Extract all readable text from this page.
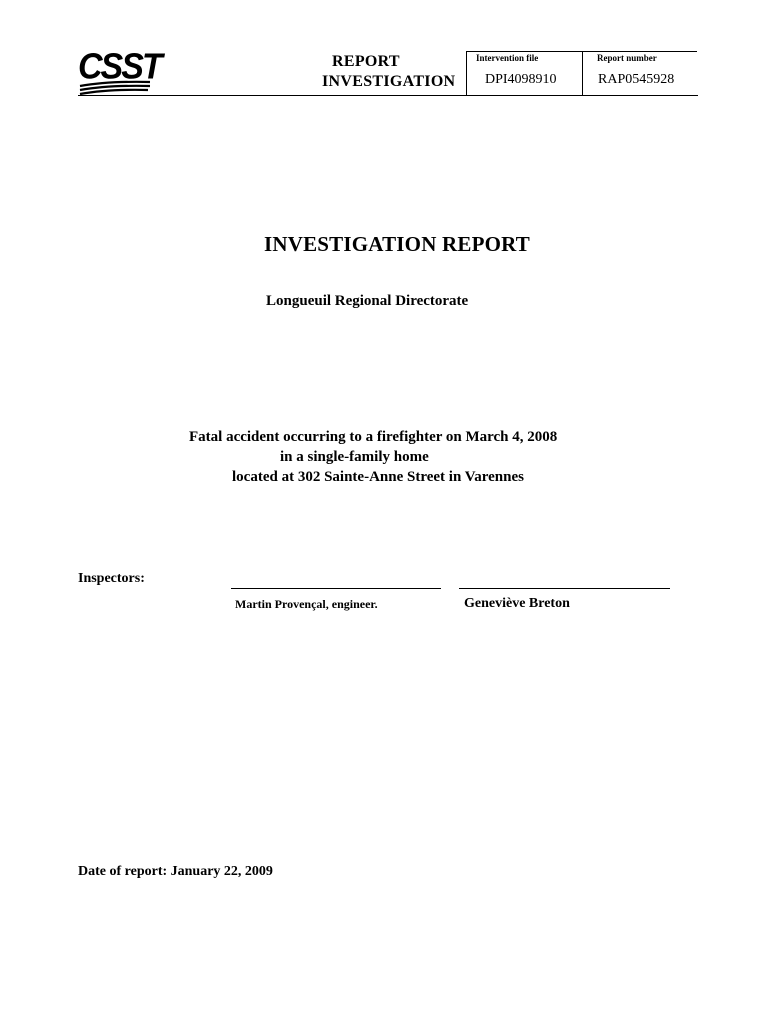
CSST	REPORT
INVESTIGATION
Intervention file	Report number
DPI4098910	RAP0545928
INVESTIGATION REPORT
Longueuil Regional Directorate
Fatal accident occurring to a firefighter on March 4, 2008
in a single-family home
located at 302 Sainte-Anne Street in Varennes
Inspectors:
Martin Provençal, engineer.	Geneviève Breton
Date of report: January 22, 2009
